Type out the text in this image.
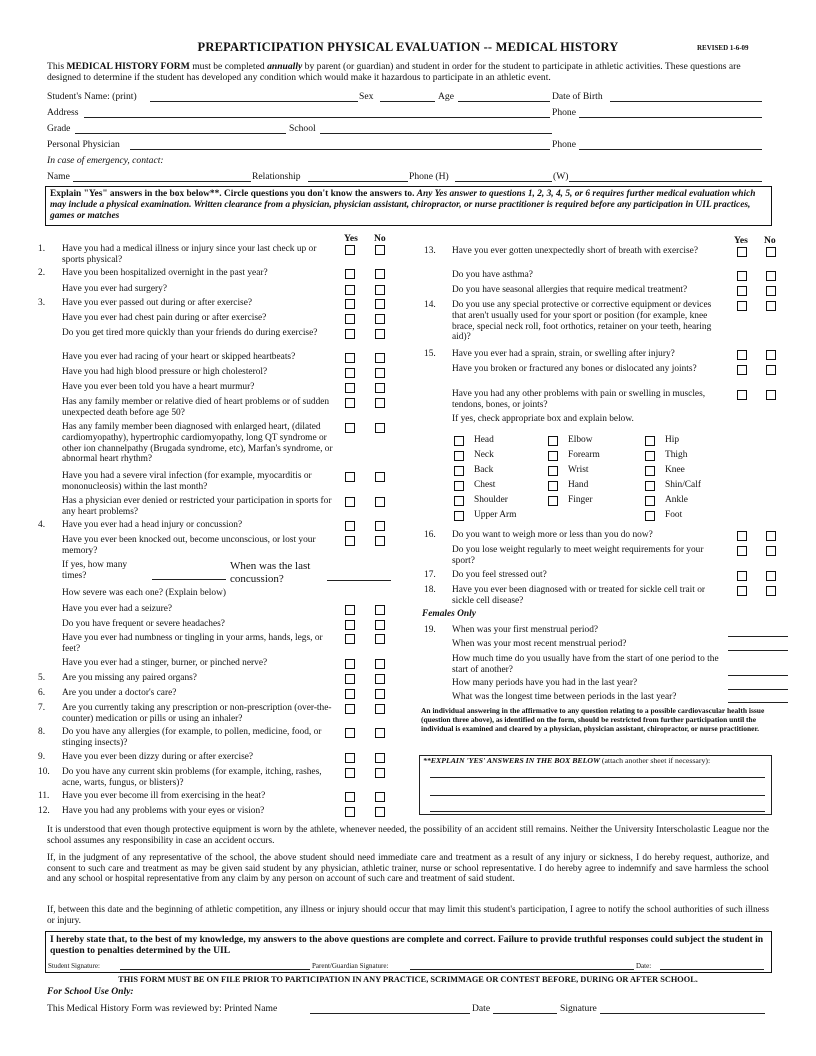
PREPARTICIPATION PHYSICAL EVALUATION -- MEDICAL HISTORY	REVISED 1-6-09
This MEDICAL HISTORY FORM must be completed annually by parent (or guardian) and student in order for the student to participate in athletic activities. These questions are designed to determine if the student has developed any condition which would make it hazardous to participate in an athletic event.
Student's Name: (print)	Sex	Age	Date of Birth
Address	Phone
Grade	School
Personal Physician	Phone
In case of emergency, contact:
Name	Relationship	Phone (H)	(W)
Explain "Yes" answers in the box below**. Circle questions you don't know the answers to. Any Yes answer to questions 1, 2, 3, 4, 5, or 6 requires further medical evaluation which may include a physical examination. Written clearance from a physician, physician assistant, chiropractor, or nurse practitioner is required before any participation in UIL practices, games or matches
Yes No	Yes No
1. Have you had a medical illness or injury since your last check up or sports physical?
2. Have you been hospitalized overnight in the past year?
Have you ever had surgery?
3. Have you ever passed out during or after exercise?
Have you ever had chest pain during or after exercise?
Do you get tired more quickly than your friends do during exercise?
Have you ever had racing of your heart or skipped heartbeats?
Have you had high blood pressure or high cholesterol?
Have you ever been told you have a heart murmur?
Has any family member or relative died of heart problems or of sudden unexpected death before age 50?
Has any family member been diagnosed with enlarged heart, (dilated cardiomyopathy), hypertrophic cardiomyopathy, long QT syndrome or other ion channelpathy (Brugada syndrome, etc), Marfan's syndrome, or abnormal heart rhythm?
Have you had a severe viral infection (for example, myocarditis or mononucleosis) within the last month?
Has a physician ever denied or restricted your participation in sports for any heart problems?
4. Have you ever had a head injury or concussion?
Have you ever been knocked out, become unconscious, or lost your memory?
Have you ever had a seizure?
Do you have frequent or severe headaches?
Have you ever had numbness or tingling in your arms, hands, legs, or feet?
Have you ever had a stinger, burner, or pinched nerve?
5. Are you missing any paired organs?
6. Are you under a doctor's care?
7. Are you currently taking any prescription or non-prescription (over-the-counter) medication or pills or using an inhaler?
8. Do you have any allergies (for example, to pollen, medicine, food, or stinging insects)?
9. Have you ever been dizzy during or after exercise?
10. Do you have any current skin problems (for example, itching, rashes, acne, warts, fungus, or blisters)?
11. Have you ever become ill from exercising in the heat?
12. Have you had any problems with your eyes or vision?
13. Have you ever gotten unexpectedly short of breath with exercise?
Do you have asthma?
Do you have seasonal allergies that require medical treatment?
14. Do you use any special protective or corrective equipment or devices that aren't usually used for your sport or position (for example, knee brace, special neck roll, foot orthotics, retainer on your teeth, hearing aid)?
15. Have you ever had a sprain, strain, or swelling after injury?
Have you broken or fractured any bones or dislocated any joints?
Have you had any other problems with pain or swelling in muscles, tendons, bones, or joints?
16. Do you want to weigh more or less than you do now?
Do you lose weight regularly to meet weight requirements for your sport?
17. Do you feel stressed out?
18. Have you ever been diagnosed with or treated for sickle cell trait or sickle cell disease?
If yes, how many times?
When was the last concussion?
How severe was each one? (Explain below)
If yes, check appropriate box and explain below.
Head	Elbow	Hip
Neck	Forearm	Thigh
Back	Wrist	Knee
Chest	Hand	Shin/Calf
Shoulder	Finger	Ankle
Upper Arm	Foot
Females Only
19. When was your first menstrual period?
When was your most recent menstrual period?
How much time do you usually have from the start of one period to the start of another?
How many periods have you had in the last year?
What was the longest time between periods in the last year?
An individual answering in the affirmative to any question relating to a possible cardiovascular health issue (question three above), as identified on the form, should be restricted from further participation until the individual is examined and cleared by a physician, physician assistant, chiropractor, or nurse practitioner.
**EXPLAIN 'YES' ANSWERS IN THE BOX BELOW (attach another sheet if necessary):
It is understood that even though protective equipment is worn by the athlete, whenever needed, the possibility of an accident still remains. Neither the University Interscholastic League nor the school assumes any responsibility in case an accident occurs.
If, in the judgment of any representative of the school, the above student should need immediate care and treatment as a result of any injury or sickness, I do hereby request, authorize, and consent to such care and treatment as may be given said student by any physician, athletic trainer, nurse or school representative. I do hereby agree to indemnify and save harmless the school and any school or hospital representative from any claim by any person on account of such care and treatment of said student.
If, between this date and the beginning of athletic competition, any illness or injury should occur that may limit this student's participation, I agree to notify the school authorities of such illness or injury.
I hereby state that, to the best of my knowledge, my answers to the above questions are complete and correct. Failure to provide truthful responses could subject the student in question to penalties determined by the UIL
Student Signature:	Parent/Guardian Signature:	Date:
THIS FORM MUST BE ON FILE PRIOR TO PARTICIPATION IN ANY PRACTICE, SCRIMMAGE OR CONTEST BEFORE, DURING OR AFTER SCHOOL.
For School Use Only:
This Medical History Form was reviewed by: Printed Name	Date	Signature
